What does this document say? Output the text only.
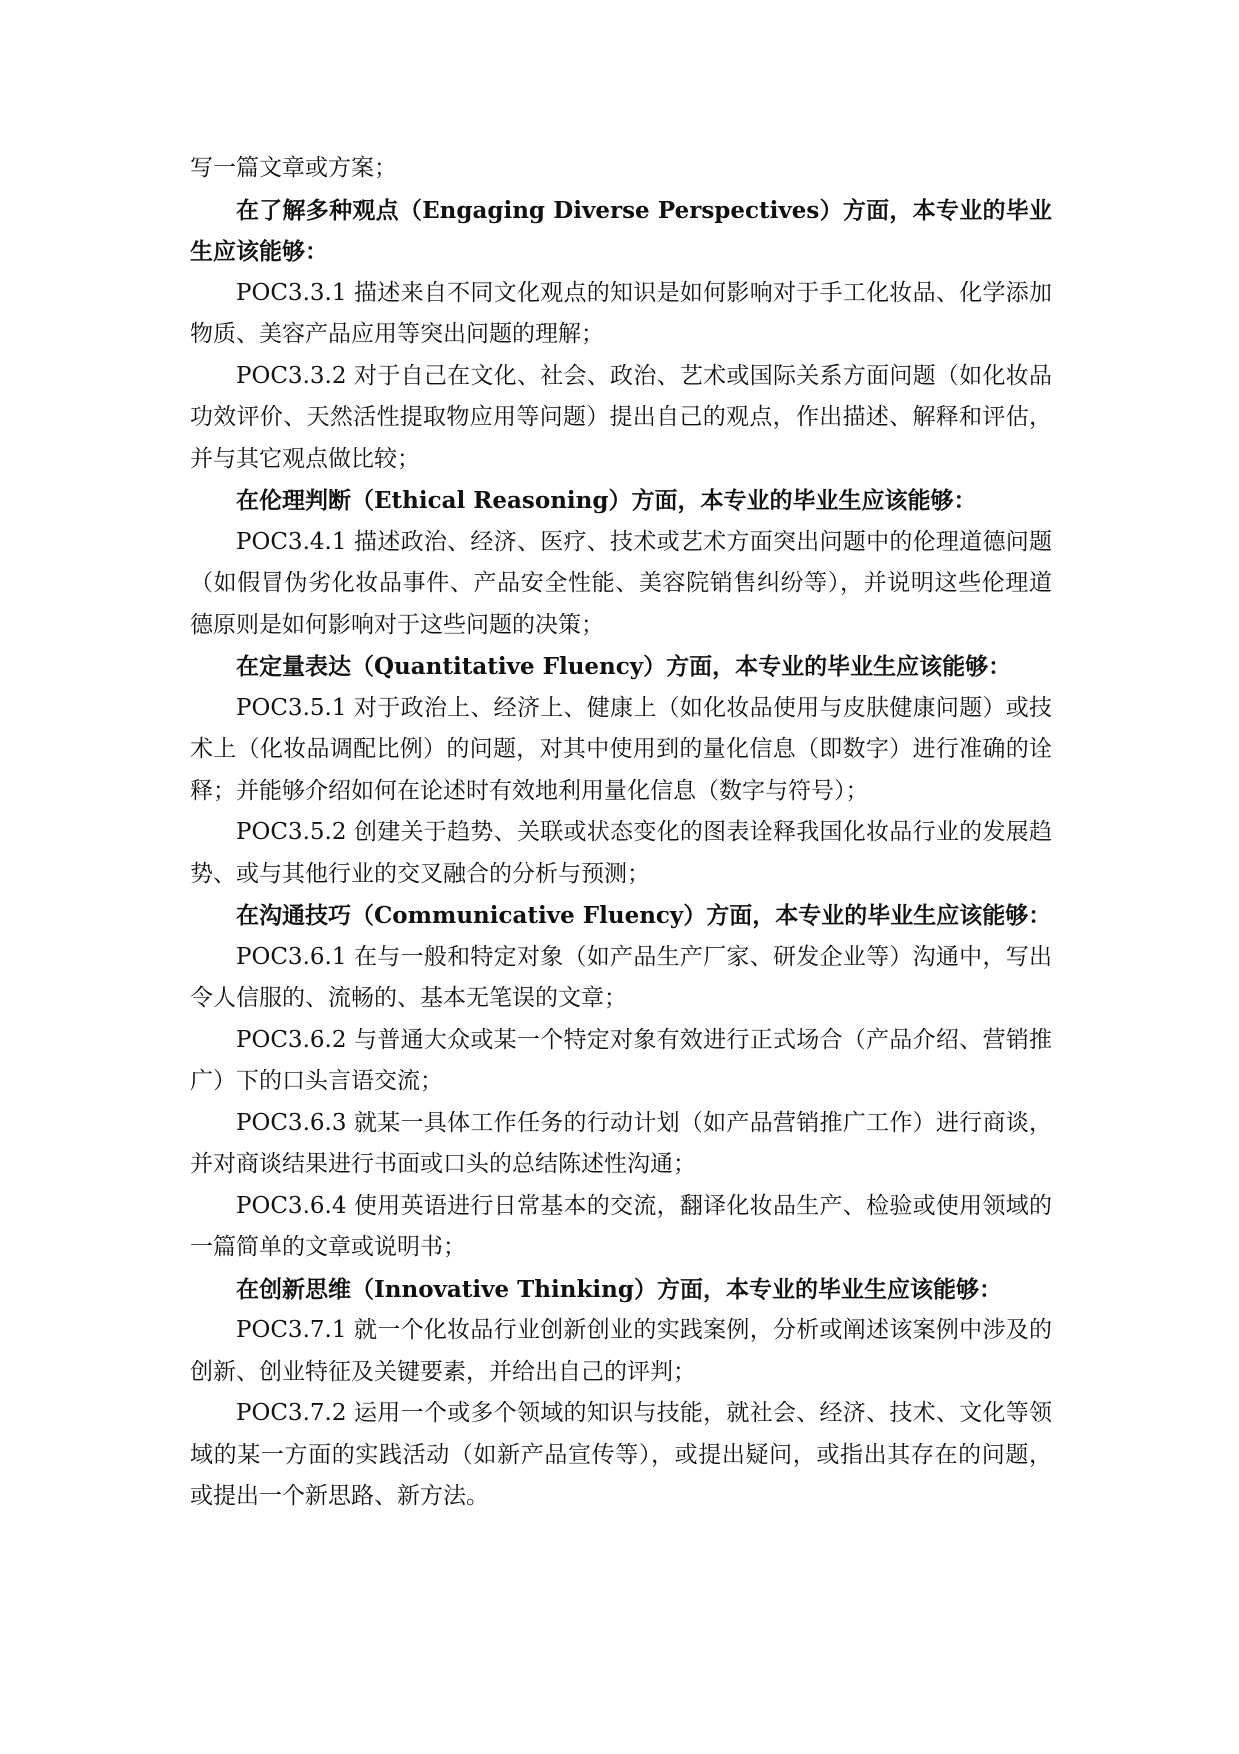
写一篇文章或方案；

在了解多种观点（Engaging Diverse Perspectives）方面，本专业的毕业生应该能够：

POC3.3.1 描述来自不同文化观点的知识是如何影响对于手工化妆品、化学添加物质、美容产品应用等突出问题的理解；

POC3.3.2 对于自己在文化、社会、政治、艺术或国际关系方面问题（如化妆品功效评价、天然活性提取物应用等问题）提出自己的观点，作出描述、解释和评估，并与其它观点做比较；

在伦理判断（Ethical Reasoning）方面，本专业的毕业生应该能够：

POC3.4.1 描述政治、经济、医疗、技术或艺术方面突出问题中的伦理道德问题（如假冒伪劣化妆品事件、产品安全性能、美容院销售纠纷等），并说明这些伦理道德原则是如何影响对于这些问题的决策；

在定量表达（Quantitative Fluency）方面，本专业的毕业生应该能够：

POC3.5.1 对于政治上、经济上、健康上（如化妆品使用与皮肤健康问题）或技术上（化妆品调配比例）的问题，对其中使用到的量化信息（即数字）进行准确的诠释；并能够介绍如何在论述时有效地利用量化信息（数字与符号）；

POC3.5.2 创建关于趋势、关联或状态变化的图表诠释我国化妆品行业的发展趋势、或与其他行业的交叉融合的分析与预测；

在沟通技巧（Communicative Fluency）方面，本专业的毕业生应该能够：

POC3.6.1 在与一般和特定对象（如产品生产厂家、研发企业等）沟通中，写出令人信服的、流畅的、基本无笔误的文章；

POC3.6.2 与普通大众或某一个特定对象有效进行正式场合（产品介绍、营销推广）下的口头言语交流；

POC3.6.3 就某一具体工作任务的行动计划（如产品营销推广工作）进行商谈，并对商谈结果进行书面或口头的总结陈述性沟通；

POC3.6.4 使用英语进行日常基本的交流，翻译化妆品生产、检验或使用领域的一篇简单的文章或说明书；

在创新思维（Innovative Thinking）方面，本专业的毕业生应该能够：

POC3.7.1 就一个化妆品行业创新创业的实践案例，分析或阐述该案例中涉及的创新、创业特征及关键要素，并给出自己的评判；

POC3.7.2 运用一个或多个领域的知识与技能，就社会、经济、技术、文化等领域的某一方面的实践活动（如新产品宣传等），或提出疑问，或指出其存在的问题，或提出一个新思路、新方法。
